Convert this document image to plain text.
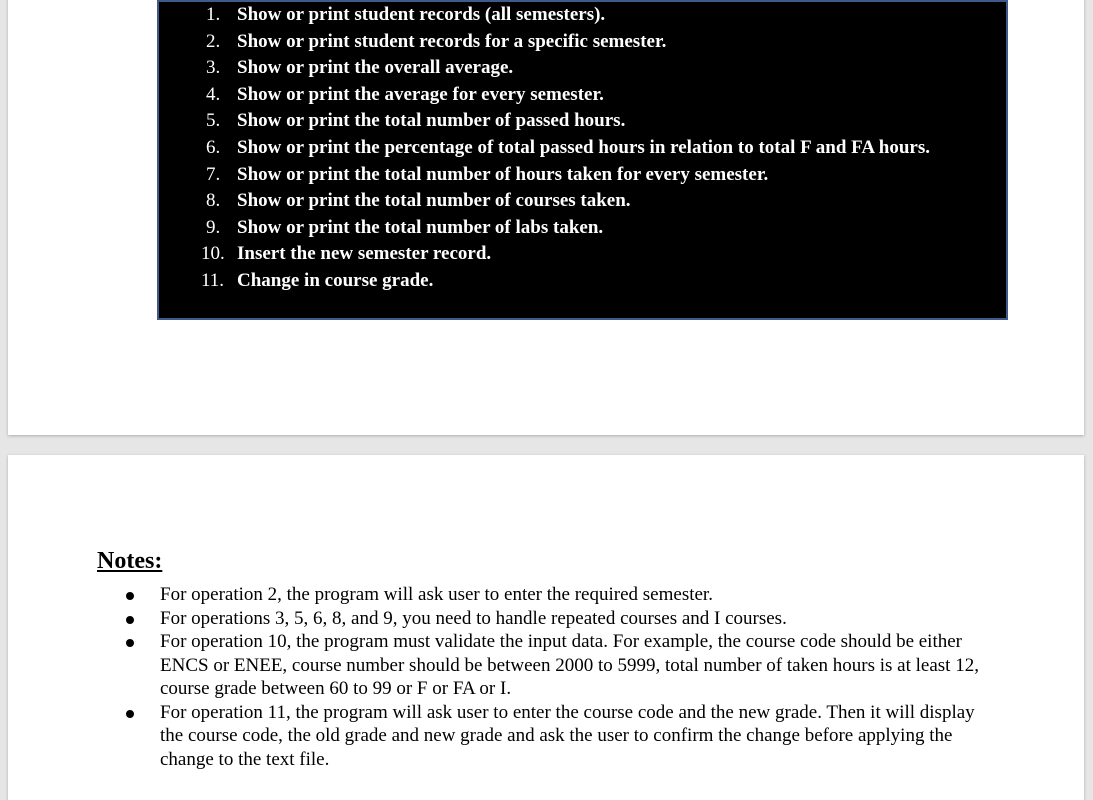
1. Show or print student records (all semesters).
2. Show or print student records for a specific semester.
3. Show or print the overall average.
4. Show or print the average for every semester.
5. Show or print the total number of passed hours.
6. Show or print the percentage of total passed hours in relation to total F and FA hours.
7. Show or print the total number of hours taken for every semester.
8. Show or print the total number of courses taken.
9. Show or print the total number of labs taken.
10. Insert the new semester record.
11. Change in course grade.
Notes:
For operation 2, the program will ask user to enter the required semester.
For operations 3, 5, 6, 8, and 9, you need to handle repeated courses and I courses.
For operation 10, the program must validate the input data. For example, the course code should be either ENCS or ENEE, course number should be between 2000 to 5999, total number of taken hours is at least 12, course grade between 60 to 99 or F or FA or I.
For operation 11, the program will ask user to enter the course code and the new grade. Then it will display the course code, the old grade and new grade and ask the user to confirm the change before applying the change to the text file.
